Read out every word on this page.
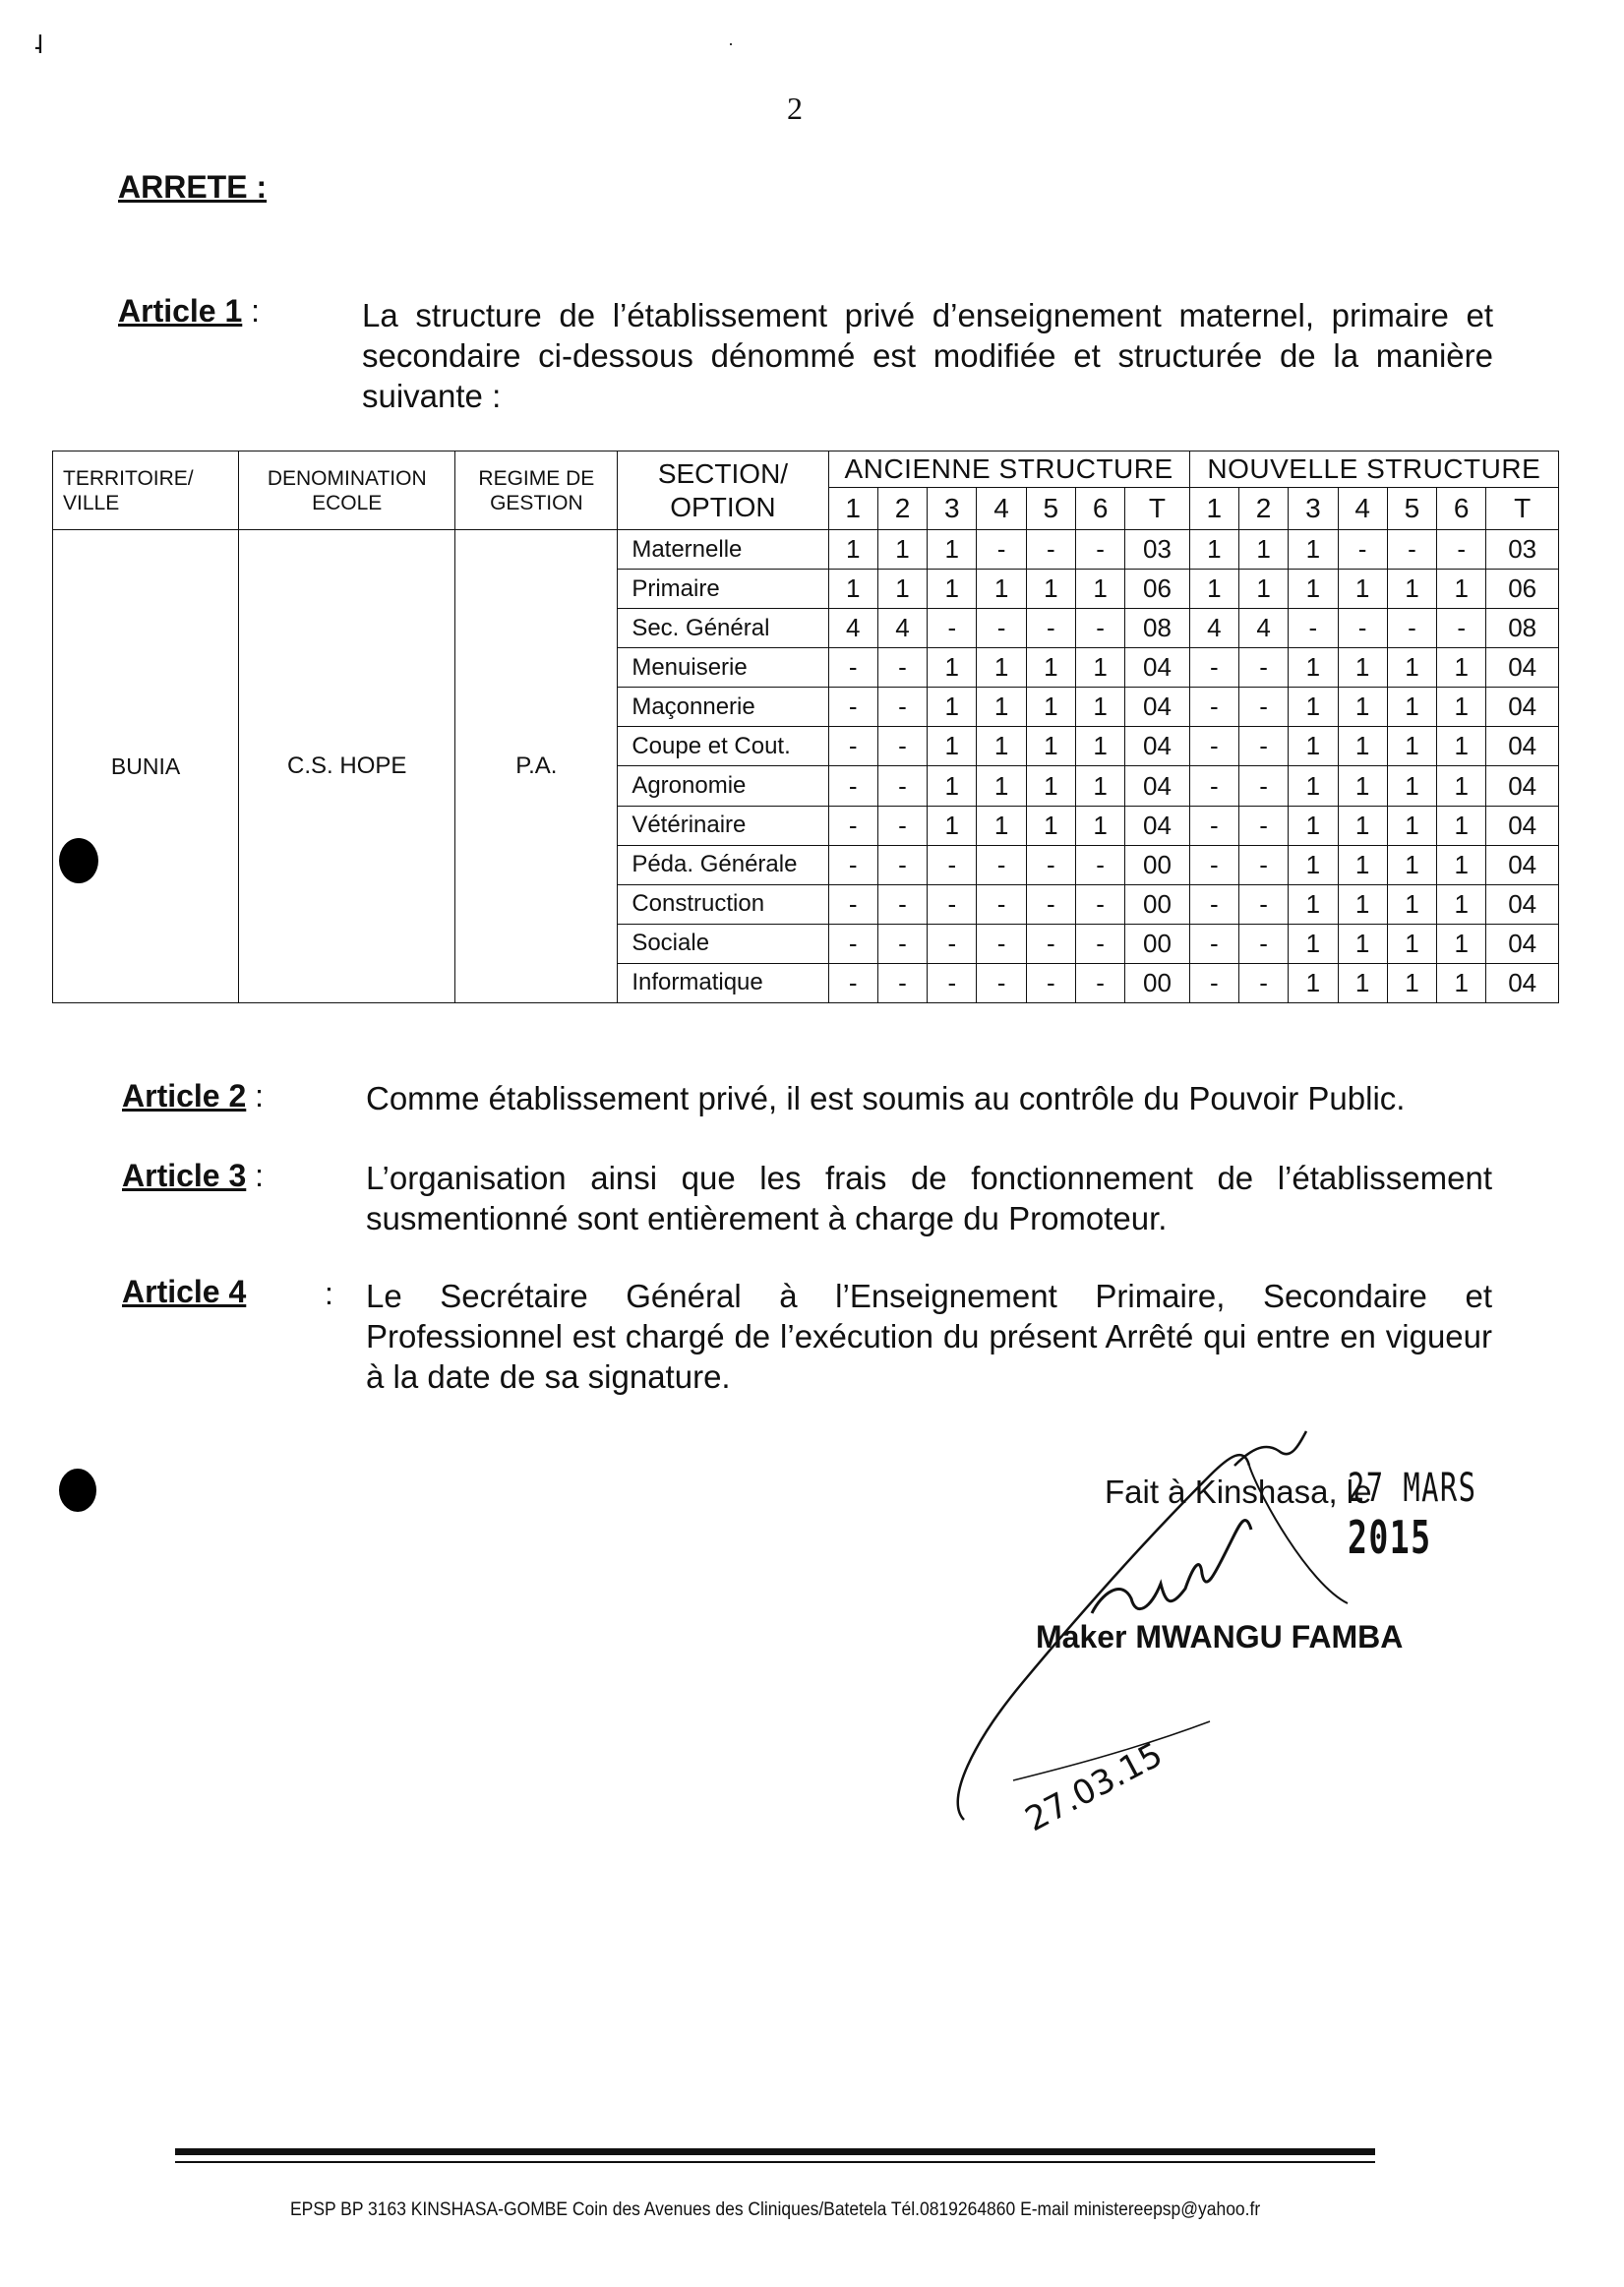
˨	·
2
ARRETE :
Article 1 :	La structure de l’établissement privé d’enseignement maternel, primaire et secondaire ci-dessous dénommé est modifiée et structurée de la manière suivante :
TERRITOIRE/ VILLE	DENOMINATION ECOLE	REGIME DE GESTION	SECTION/ OPTION	ANCIENNE STRUCTURE							NOUVELLE STRUCTURE						
				1	2	3	4	5	6	T	1	2	3	4	5	6	T
BUNIA	C.S. HOPE	P.A.	Maternelle	1	1	1	-	-	-	03	1	1	1	-	-	-	03
			Primaire	1	1	1	1	1	1	06	1	1	1	1	1	1	06
			Sec. Général	4	4	-	-	-	-	08	4	4	-	-	-	-	08
			Menuiserie	-	-	1	1	1	1	04	-	-	1	1	1	1	04
			Maçonnerie	-	-	1	1	1	1	04	-	-	1	1	1	1	04
			Coupe et Cout.	-	-	1	1	1	1	04	-	-	1	1	1	1	04
			Agronomie	-	-	1	1	1	1	04	-	-	1	1	1	1	04
			Vétérinaire	-	-	1	1	1	1	04	-	-	1	1	1	1	04
			Péda. Générale	-	-	-	-	-	-	00	-	-	1	1	1	1	04
			Construction	-	-	-	-	-	-	00	-	-	1	1	1	1	04
			Sociale	-	-	-	-	-	-	00	-	-	1	1	1	1	04
			Informatique	-	-	-	-	-	-	00	-	-	1	1	1	1	04
Article 2 :	Comme établissement privé, il est soumis au contrôle du Pouvoir Public.
Article 3 :	L’organisation ainsi que les frais de fonctionnement de l’établissement susmentionné sont entièrement à charge du Promoteur.
Article 4 : Le Secrétaire Général à l’Enseignement Primaire, Secondaire et Professionnel est chargé de l’exécution du présent Arrêté qui entre en vigueur à la date de sa signature.
Fait à Kinshasa, le
27 MARS 2015
27.03.15
Maker MWANGU FAMBA
EPSP BP 3163 KINSHASA-GOMBE Coin des Avenues des Cliniques/Batetela Tél.0819264860 E-mail ministereepsp@yahoo.fr
